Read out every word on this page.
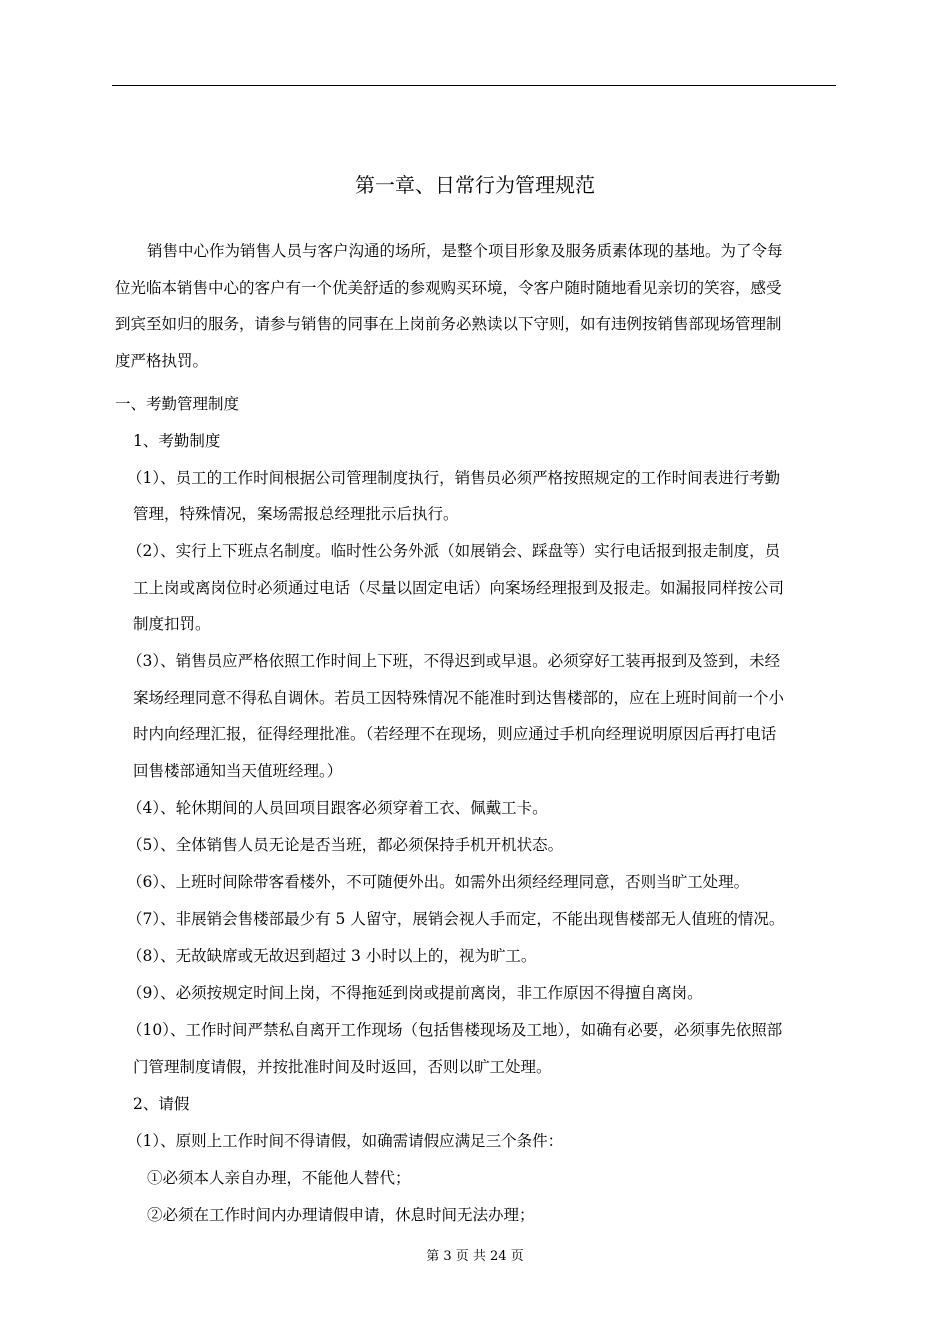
第一章、日常行为管理规范
销售中心作为销售人员与客户沟通的场所，是整个项目形象及服务质素体现的基地。为了令每
位光临本销售中心的客户有一个优美舒适的参观购买环境，令客户随时随地看见亲切的笑容，感受
到宾至如归的服务，请参与销售的同事在上岗前务必熟读以下守则，如有违例按销售部现场管理制
度严格执罚。
一、考勤管理制度
1、考勤制度
（1）、员工的工作时间根据公司管理制度执行，销售员必须严格按照规定的工作时间表进行考勤
管理，特殊情况，案场需报总经理批示后执行。
（2）、实行上下班点名制度。临时性公务外派（如展销会、踩盘等）实行电话报到报走制度，员
工上岗或离岗位时必须通过电话（尽量以固定电话）向案场经理报到及报走。如漏报同样按公司
制度扣罚。
（3）、销售员应严格依照工作时间上下班，不得迟到或早退。必须穿好工装再报到及签到，未经
案场经理同意不得私自调休。若员工因特殊情况不能准时到达售楼部的，应在上班时间前一个小
时内向经理汇报，征得经理批准。（若经理不在现场，则应通过手机向经理说明原因后再打电话
回售楼部通知当天值班经理。）
（4）、轮休期间的人员回项目跟客必须穿着工衣、佩戴工卡。
（5）、全体销售人员无论是否当班，都必须保持手机开机状态。
（6）、上班时间除带客看楼外，不可随便外出。如需外出须经经理同意，否则当旷工处理。
（7）、非展销会售楼部最少有 5 人留守，展销会视人手而定，不能出现售楼部无人值班的情况。
（8）、无故缺席或无故迟到超过 3 小时以上的，视为旷工。
（9）、必须按规定时间上岗，不得拖延到岗或提前离岗，非工作原因不得擅自离岗。
（10）、工作时间严禁私自离开工作现场（包括售楼现场及工地），如确有必要，必须事先依照部
门管理制度请假，并按批准时间及时返回，否则以旷工处理。
2、请假
（1）、原则上工作时间不得请假，如确需请假应满足三个条件：
①必须本人亲自办理，不能他人替代；
②必须在工作时间内办理请假申请，休息时间无法办理；
第 3 页 共 24 页
